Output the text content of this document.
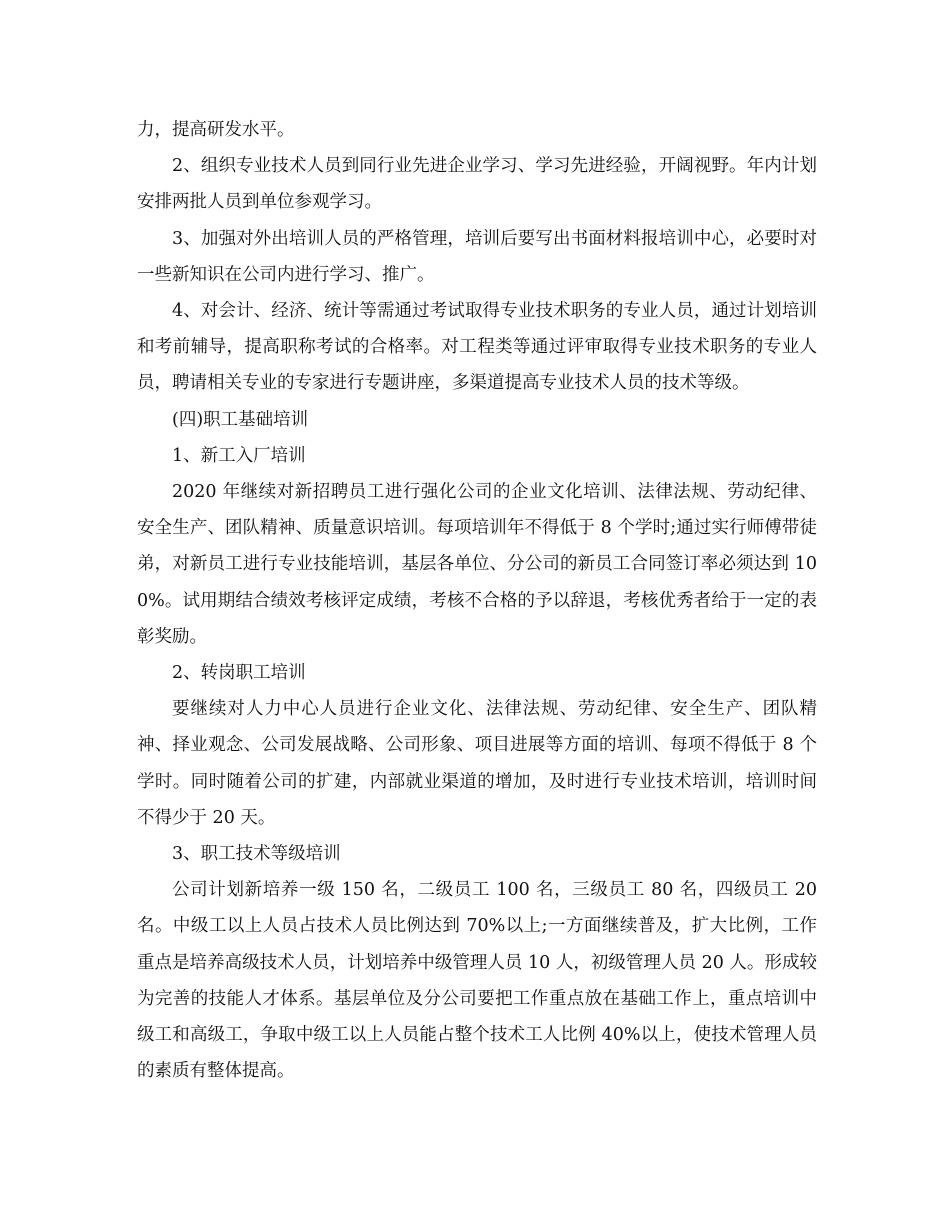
力，提高研发水平。

2、组织专业技术人员到同行业先进企业学习、学习先进经验，开阔视野。年内计划安排两批人员到单位参观学习。

3、加强对外出培训人员的严格管理，培训后要写出书面材料报培训中心，必要时对一些新知识在公司内进行学习、推广。

4、对会计、经济、统计等需通过考试取得专业技术职务的专业人员，通过计划培训和考前辅导，提高职称考试的合格率。对工程类等通过评审取得专业技术职务的专业人员，聘请相关专业的专家进行专题讲座，多渠道提高专业技术人员的技术等级。

(四)职工基础培训

1、新工入厂培训

2020 年继续对新招聘员工进行强化公司的企业文化培训、法律法规、劳动纪律、安全生产、团队精神、质量意识培训。每项培训年不得低于 8 个学时;通过实行师傅带徒弟，对新员工进行专业技能培训，基层各单位、分公司的新员工合同签订率必须达到 100%。试用期结合绩效考核评定成绩，考核不合格的予以辞退，考核优秀者给于一定的表彰奖励。

2、转岗职工培训

要继续对人力中心人员进行企业文化、法律法规、劳动纪律、安全生产、团队精神、择业观念、公司发展战略、公司形象、项目进展等方面的培训、每项不得低于 8 个学时。同时随着公司的扩建，内部就业渠道的增加，及时进行专业技术培训，培训时间不得少于 20 天。

3、职工技术等级培训

公司计划新培养一级 150 名，二级员工 100 名，三级员工 80 名，四级员工 20 名。中级工以上人员占技术人员比例达到 70%以上;一方面继续普及，扩大比例，工作重点是培养高级技术人员，计划培养中级管理人员 10 人，初级管理人员 20 人。形成较为完善的技能人才体系。基层单位及分公司要把工作重点放在基础工作上，重点培训中级工和高级工，争取中级工以上人员能占整个技术工人比例 40%以上，使技术管理人员的素质有整体提高。
